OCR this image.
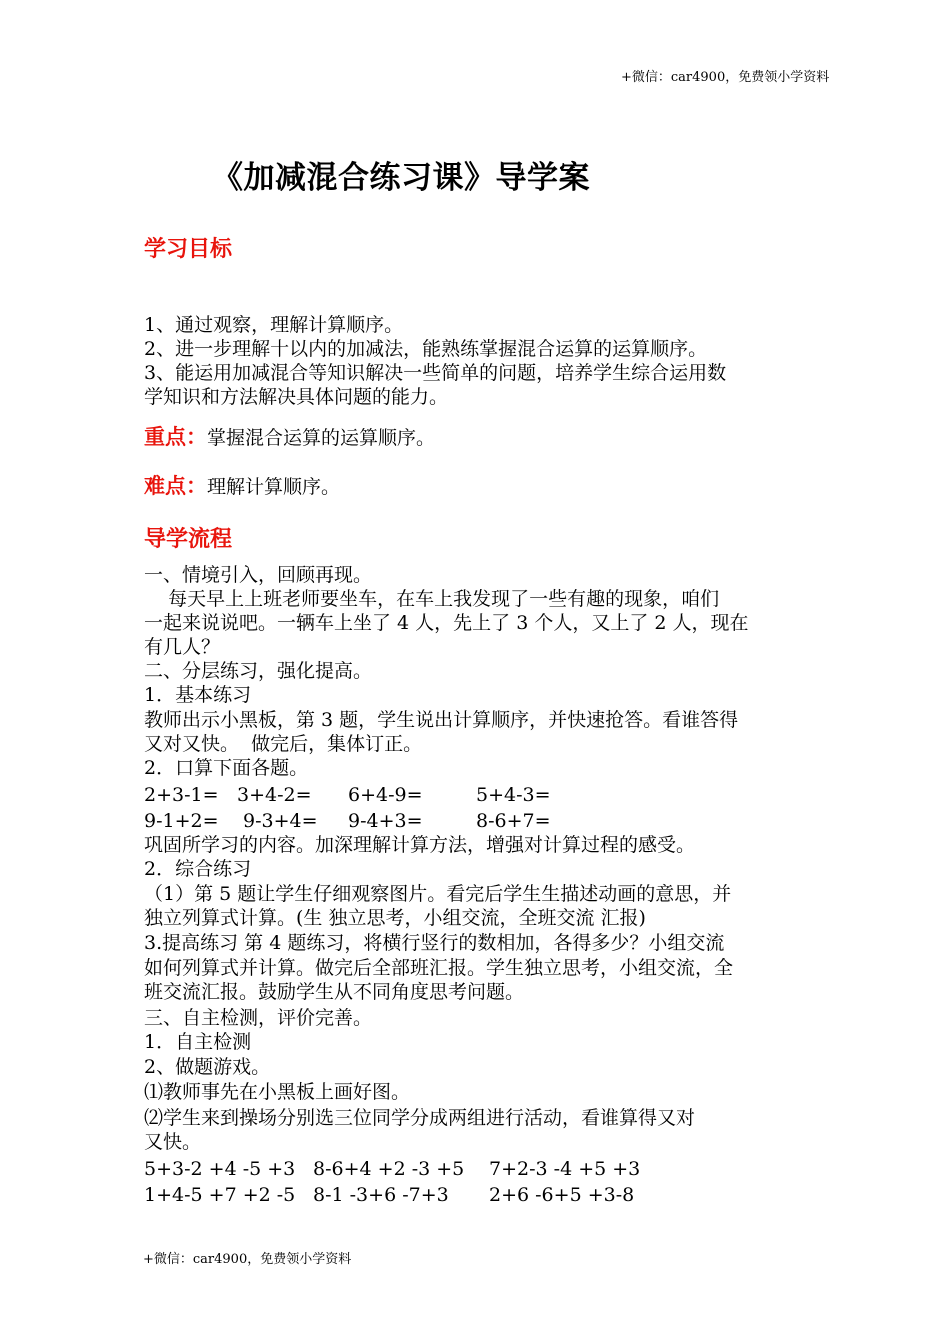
+微信：car4900，免费领小学资料
《加减混合练习课》导学案
学习目标
1、通过观察，理解计算顺序。
2、进一步理解十以内的加减法，能熟练掌握混合运算的运算顺序。
3、能运用加减混合等知识解决一些简单的问题，培养学生综合运用数
学知识和方法解决具体问题的能力。
重点：掌握混合运算的运算顺序。
难点：理解计算顺序。
导学流程
一、情境引入，回顾再现。
每天早上上班老师要坐车，在车上我发现了一些有趣的现象，咱们
一起来说说吧。一辆车上坐了 4 人，先上了 3 个人，又上了 2 人，现在
有几人？
二、分层练习，强化提高。
1．基本练习
教师出示小黑板，第 3 题，学生说出计算顺序，并快速抢答。看谁答得
又对又快。  做完后，集体订正。
2．口算下面各题。
2+3-1= 3+4-2= 6+4-9=	5+4-3=
9-1+2= 9-3+4= 9-4+3=	8-6+7=
巩固所学习的内容。加深理解计算方法，增强对计算过程的感受。
2．综合练习
（1）第 5 题让学生仔细观察图片。看完后学生生描述动画的意思，并
独立列算式计算。(生 独立思考，小组交流，全班交流 汇报)
3.提高练习 第 4 题练习，将横行竖行的数相加，各得多少？小组交流
如何列算式并计算。做完后全部班汇报。学生独立思考，小组交流，全
班交流汇报。鼓励学生从不同角度思考问题。
三、自主检测，评价完善。
1．自主检测
2、做题游戏。
⑴教师事先在小黑板上画好图。
⑵学生来到操场分别选三位同学分成两组进行活动，看谁算得又对
又快。
5+3-2 +4 -5 +3 8-6+4 +2 -3 +5 7+2-3 -4 +5 +3
1+4-5 +7 +2 -5 8-1 -3+6 -7+3 2+6 -6+5 +3-8
+微信：car4900，免费领小学资料
